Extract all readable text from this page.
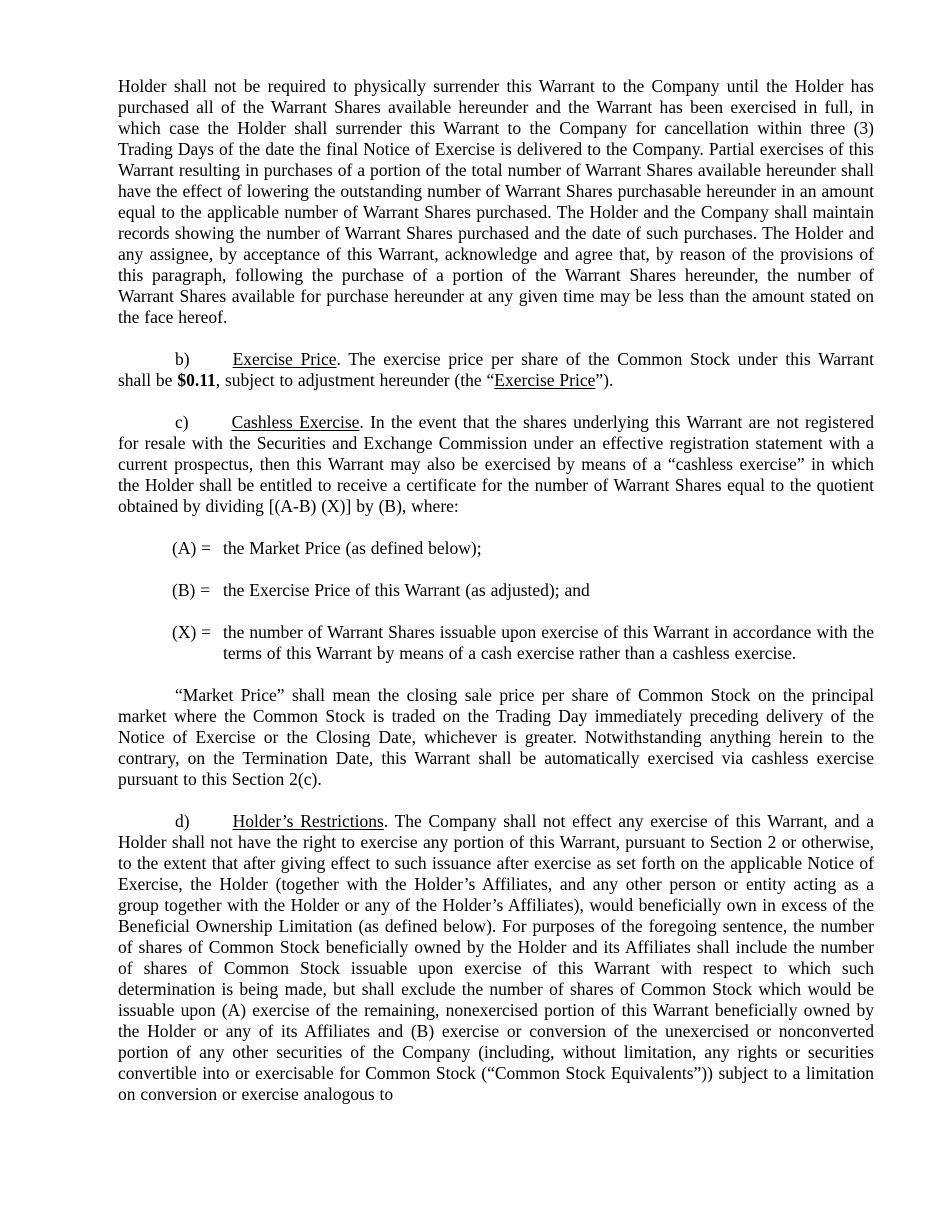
Holder shall not be required to physically surrender this Warrant to the Company until the Holder has purchased all of the Warrant Shares available hereunder and the Warrant has been exercised in full, in which case the Holder shall surrender this Warrant to the Company for cancellation within three (3) Trading Days of the date the final Notice of Exercise is delivered to the Company. Partial exercises of this Warrant resulting in purchases of a portion of the total number of Warrant Shares available hereunder shall have the effect of lowering the outstanding number of Warrant Shares purchasable hereunder in an amount equal to the applicable number of Warrant Shares purchased. The Holder and the Company shall maintain records showing the number of Warrant Shares purchased and the date of such purchases. The Holder and any assignee, by acceptance of this Warrant, acknowledge and agree that, by reason of the provisions of this paragraph, following the purchase of a portion of the Warrant Shares hereunder, the number of Warrant Shares available for purchase hereunder at any given time may be less than the amount stated on the face hereof.

b) Exercise Price. The exercise price per share of the Common Stock under this Warrant shall be $0.11, subject to adjustment hereunder (the “Exercise Price”).

c) Cashless Exercise. In the event that the shares underlying this Warrant are not registered for resale with the Securities and Exchange Commission under an effective registration statement with a current prospectus, then this Warrant may also be exercised by means of a “cashless exercise” in which the Holder shall be entitled to receive a certificate for the number of Warrant Shares equal to the quotient obtained by dividing [(A-B) (X)] by (B), where:

(A) = the Market Price (as defined below);

(B) = the Exercise Price of this Warrant (as adjusted); and

(X) = the number of Warrant Shares issuable upon exercise of this Warrant in accordance with the terms of this Warrant by means of a cash exercise rather than a cashless exercise.

“Market Price” shall mean the closing sale price per share of Common Stock on the principal market where the Common Stock is traded on the Trading Day immediately preceding delivery of the Notice of Exercise or the Closing Date, whichever is greater. Notwithstanding anything herein to the contrary, on the Termination Date, this Warrant shall be automatically exercised via cashless exercise pursuant to this Section 2(c).

d) Holder’s Restrictions. The Company shall not effect any exercise of this Warrant, and a Holder shall not have the right to exercise any portion of this Warrant, pursuant to Section 2 or otherwise, to the extent that after giving effect to such issuance after exercise as set forth on the applicable Notice of Exercise, the Holder (together with the Holder’s Affiliates, and any other person or entity acting as a group together with the Holder or any of the Holder’s Affiliates), would beneficially own in excess of the Beneficial Ownership Limitation (as defined below). For purposes of the foregoing sentence, the number of shares of Common Stock beneficially owned by the Holder and its Affiliates shall include the number of shares of Common Stock issuable upon exercise of this Warrant with respect to which such determination is being made, but shall exclude the number of shares of Common Stock which would be issuable upon (A) exercise of the remaining, nonexercised portion of this Warrant beneficially owned by the Holder or any of its Affiliates and (B) exercise or conversion of the unexercised or nonconverted portion of any other securities of the Company (including, without limitation, any rights or securities convertible into or exercisable for Common Stock (“Common Stock Equivalents”)) subject to a limitation on conversion or exercise analogous to
